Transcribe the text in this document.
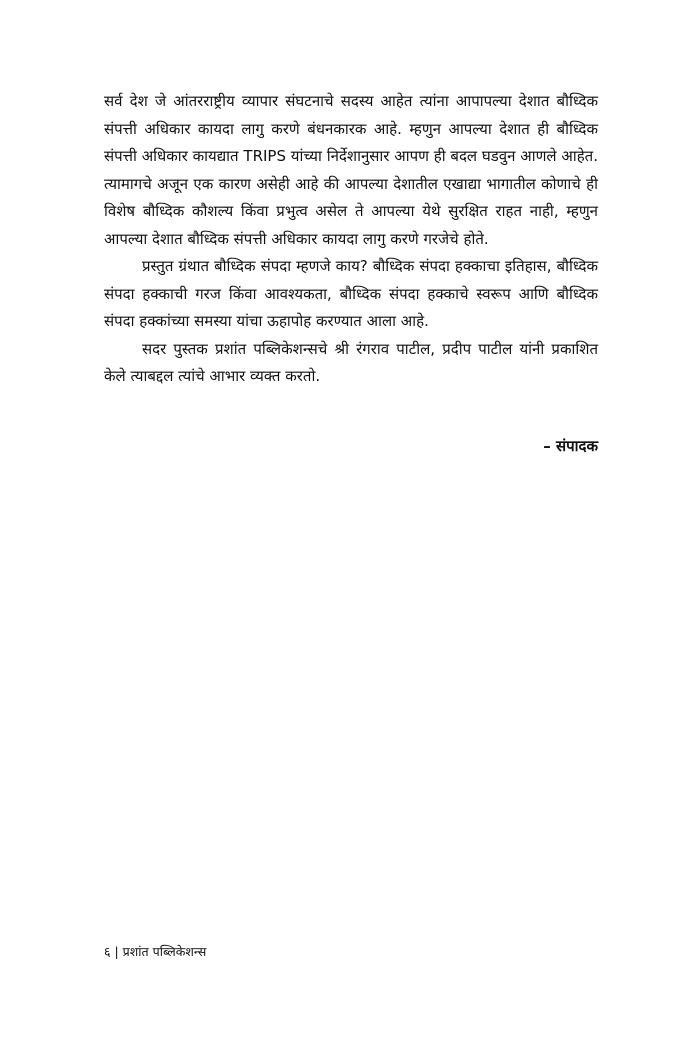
सर्व देश जे आंतरराष्ट्रीय व्यापार संघटनाचे सदस्य आहेत त्यांना आपापल्या देशात बौध्दिक संपत्ती अधिकार कायदा लागु करणे बंधनकारक आहे. म्हणुन आपल्या देशात ही बौध्दिक संपत्ती अधिकार कायद्यात TRIPS यांच्या निर्देशानुसार आपण ही बदल घडवुन आणले आहेत. त्यामागचे अजून एक कारण असेही आहे की आपल्या देशातील एखाद्या भागातील कोणाचे ही विशेष बौध्दिक कौशल्य किंवा प्रभुत्व असेल ते आपल्या येथे सुरक्षित राहत नाही, म्हणुन आपल्या देशात बौध्दिक संपत्ती अधिकार कायदा लागु करणे गरजेचे होते.

प्रस्तुत ग्रंथात बौध्दिक संपदा म्हणजे काय? बौध्दिक संपदा हक्काचा इतिहास, बौध्दिक संपदा हक्काची गरज किंवा आवश्यकता, बौध्दिक संपदा हक्काचे स्वरूप आणि बौध्दिक संपदा हक्कांच्या समस्या यांचा ऊहापोह करण्यात आला आहे.

सदर पुस्तक प्रशांत पब्लिकेशन्सचे श्री रंगराव पाटील, प्रदीप पाटील यांनी प्रकाशित केले त्याबद्दल त्यांचे आभार व्यक्त करतो.

– संपादक
६ | प्रशांत पब्लिकेशन्स
